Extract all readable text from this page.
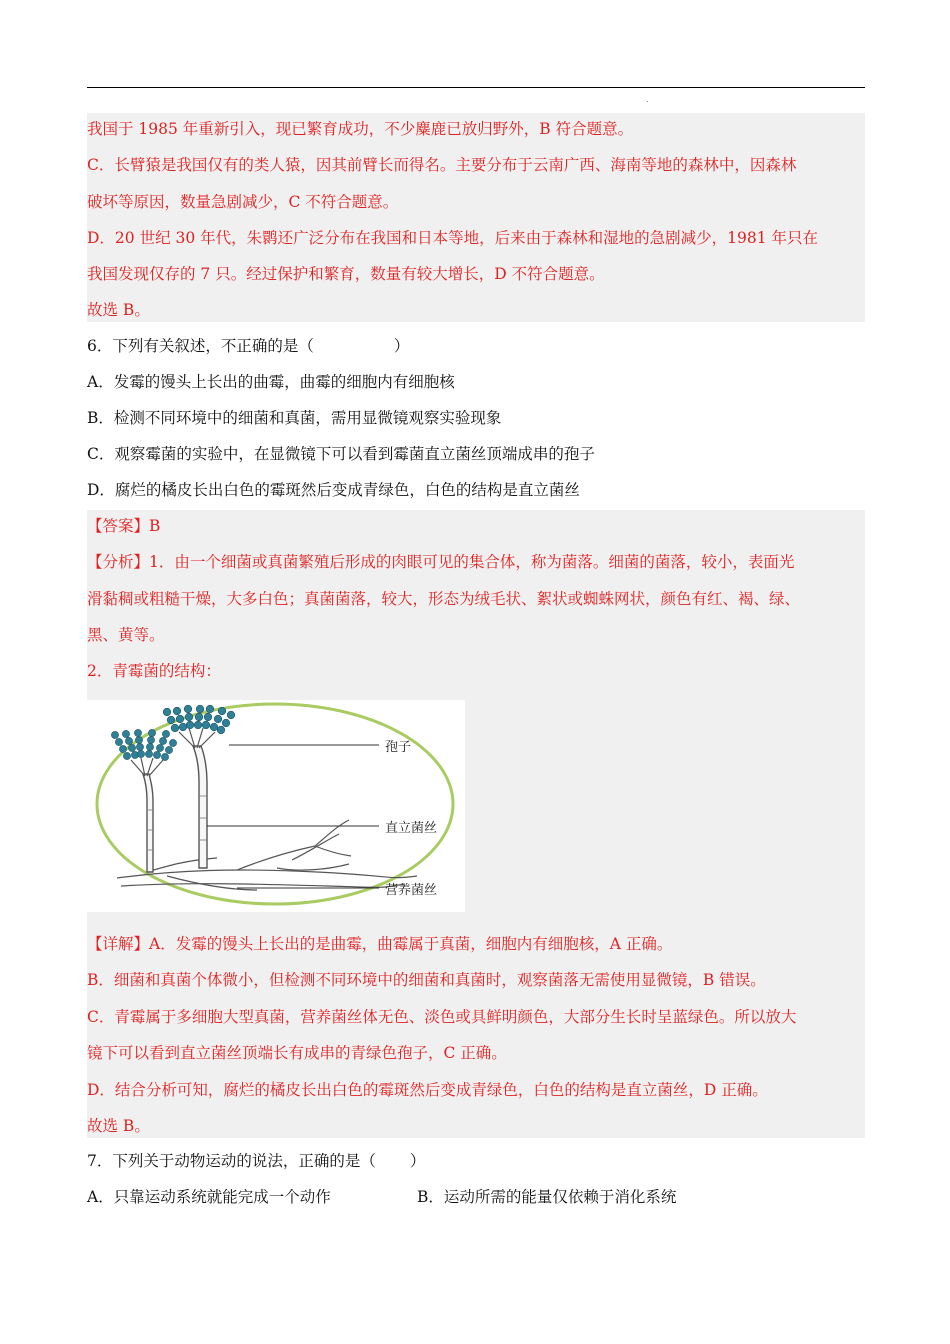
.
我国于 1985 年重新引入，现已繁育成功，不少麋鹿已放归野外，B 符合题意。
C．长臂猿是我国仅有的类人猿，因其前臂长而得名。主要分布于云南广西、海南等地的森林中，因森林
破坏等原因，数量急剧减少，C 不符合题意。
D．20 世纪 30 年代，朱鹮还广泛分布在我国和日本等地，后来由于森林和湿地的急剧减少，1981 年只在
我国发现仅存的 7 只。经过保护和繁育，数量有较大增长，D 不符合题意。
故选 B。
6．下列有关叙述，不正确的是（	）
A．发霉的馒头上长出的曲霉，曲霉的细胞内有细胞核
B．检测不同环境中的细菌和真菌，需用显微镜观察实验现象
C．观察霉菌的实验中，在显微镜下可以看到霉菌直立菌丝顶端成串的孢子
D．腐烂的橘皮长出白色的霉斑然后变成青绿色，白色的结构是直立菌丝
【答案】B
【分析】1．由一个细菌或真菌繁殖后形成的肉眼可见的集合体，称为菌落。细菌的菌落，较小，表面光
滑黏稠或粗糙干燥，大多白色；真菌菌落，较大，形态为绒毛状、絮状或蜘蛛网状，颜色有红、褐、绿、
黑、黄等。
2．青霉菌的结构：
孢子
直立菌丝
营养菌丝
【详解】A．发霉的馒头上长出的是曲霉，曲霉属于真菌，细胞内有细胞核，A 正确。
B．细菌和真菌个体微小，但检测不同环境中的细菌和真菌时，观察菌落无需使用显微镜，B 错误。
C．青霉属于多细胞大型真菌，营养菌丝体无色、淡色或具鲜明颜色，大部分生长时呈蓝绿色。所以放大
镜下可以看到直立菌丝顶端长有成串的青绿色孢子，C 正确。
D．结合分析可知，腐烂的橘皮长出白色的霉斑然后变成青绿色，白色的结构是直立菌丝，D 正确。
故选 B。
7．下列关于动物运动的说法，正确的是（ ）
A．只靠运动系统就能完成一个动作	B．运动所需的能量仅依赖于消化系统
